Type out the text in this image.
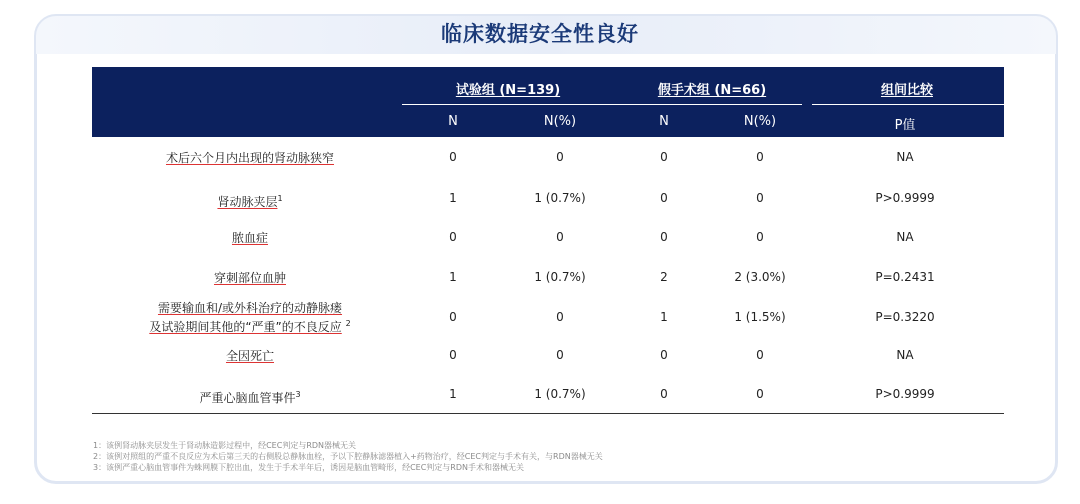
临床数据安全性良好
试验组 (N=139)	假手术组 (N=66)	组间比较
N	N(%)	N	N(%)	P值
术后六个月内出现的肾动脉狭窄	0	0	0	0	NA
肾动脉夹层$^1$	1	1 (0.7%)	0	0	P>0.9999
脓血症	0	0	0	0	NA
穿刺部位血肿	1	1 (0.7%)	2	2 (3.0%)	P=0.2431
需要输血和/或外科治疗的动静脉瘘
及试验期间其他的“严重”的不良反应 $^2$	0	0	1	1 (1.5%)	P=0.3220
全因死亡	0	0	0	0	NA
严重心脑血管事件$^3$	1	1 (0.7%)	0	0	P>0.9999
1：该例肾动脉夹层发生于肾动脉造影过程中，经CEC判定与RDN器械无关
2：该例对照组的严重不良反应为术后第三天的右侧股总静脉血栓，予以下腔静脉滤器植入+药物治疗，经CEC判定与手术有关，与RDN器械无关
3：该例严重心脑血管事件为蛛网膜下腔出血，发生于手术半年后，诱因是脑血管畸形，经CEC判定与RDN手术和器械无关
